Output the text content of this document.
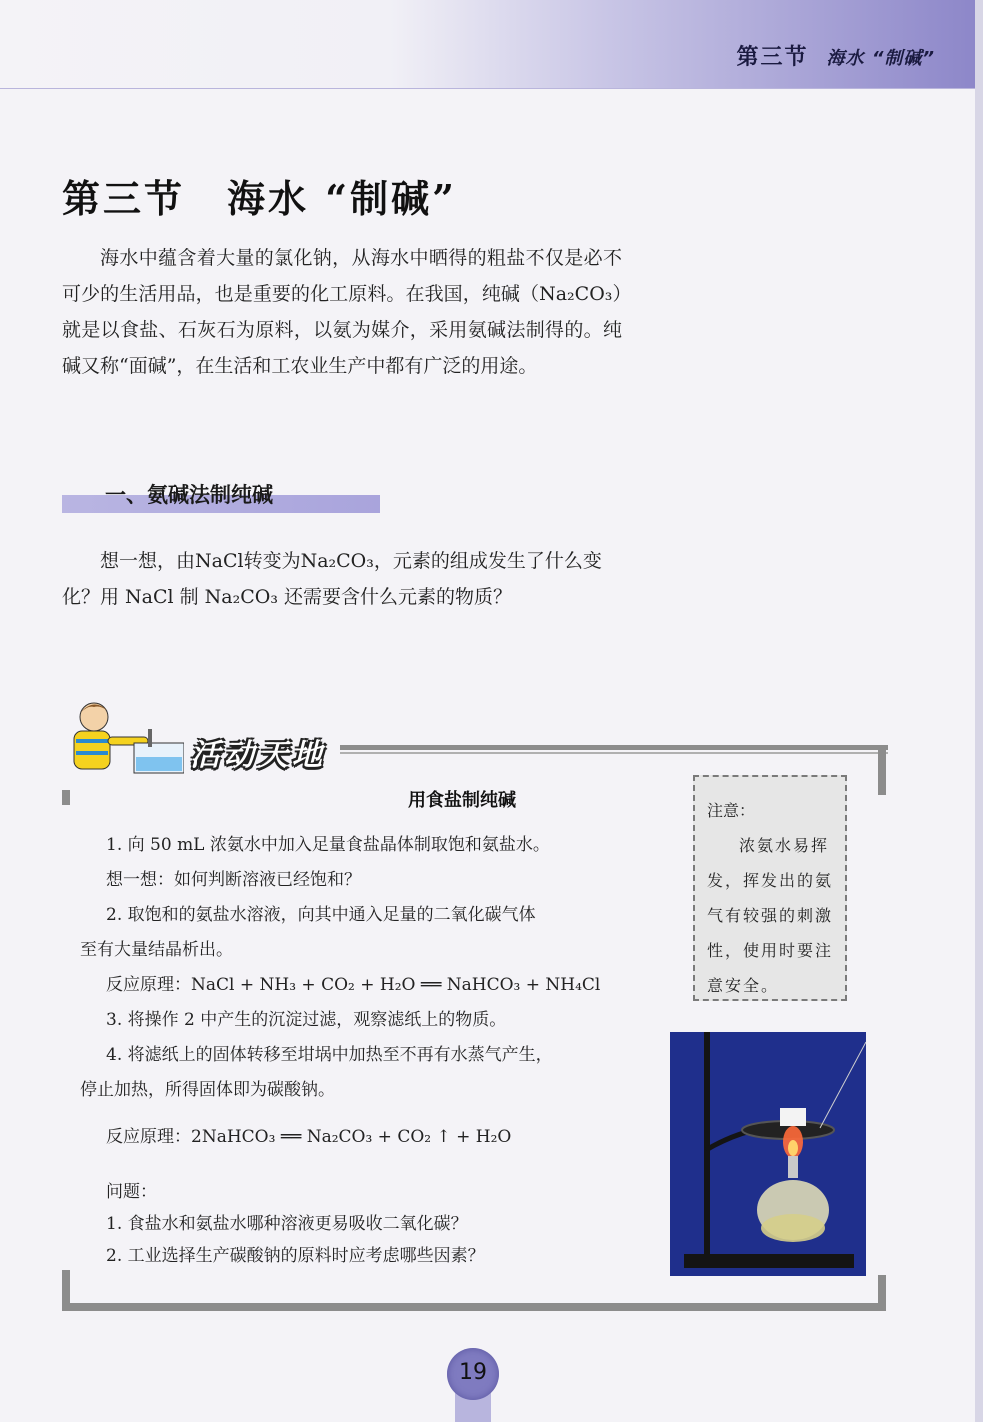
第三节 海水 “制碱”
第三节 海水 “制碱”

海水中蕴含着大量的氯化钠，从海水中晒得的粗盐不仅是必不可少的生活用品，也是重要的化工原料。在我国，纯碱（Na₂CO₃）就是以食盐、石灰石为原料，以氨为媒介，采用氨碱法制得的。纯碱又称“面碱”，在生活和工农业生产中都有广泛的用途。

一、氨碱法制纯碱

想一想，由NaCl转变为Na₂CO₃，元素的组成发生了什么变化？用 NaCl 制 Na₂CO₃ 还需要含什么元素的物质？

活动天地
用食盐制纯碱
1. 向 50 mL 浓氨水中加入足量食盐晶体制取饱和氨盐水。
想一想：如何判断溶液已经饱和？
2. 取饱和的氨盐水溶液，向其中通入足量的二氧化碳气体
至有大量结晶析出。
反应原理：NaCl + NH₃ + CO₂ + H₂O ══ NaHCO₃ + NH₄Cl
3. 将操作 2 中产生的沉淀过滤，观察滤纸上的物质。
4. 将滤纸上的固体转移至坩埚中加热至不再有水蒸气产生，
停止加热，所得固体即为碳酸钠。
反应原理：2NaHCO₃ ══ Na₂CO₃ + CO₂ ↑ + H₂O
问题：
1. 食盐水和氨盐水哪种溶液更易吸收二氧化碳？
2. 工业选择生产碳酸钠的原料时应考虑哪些因素？
注意：
浓氨水易挥发，挥发出的氨气有较强的刺激性，使用时要注意安全。
19
